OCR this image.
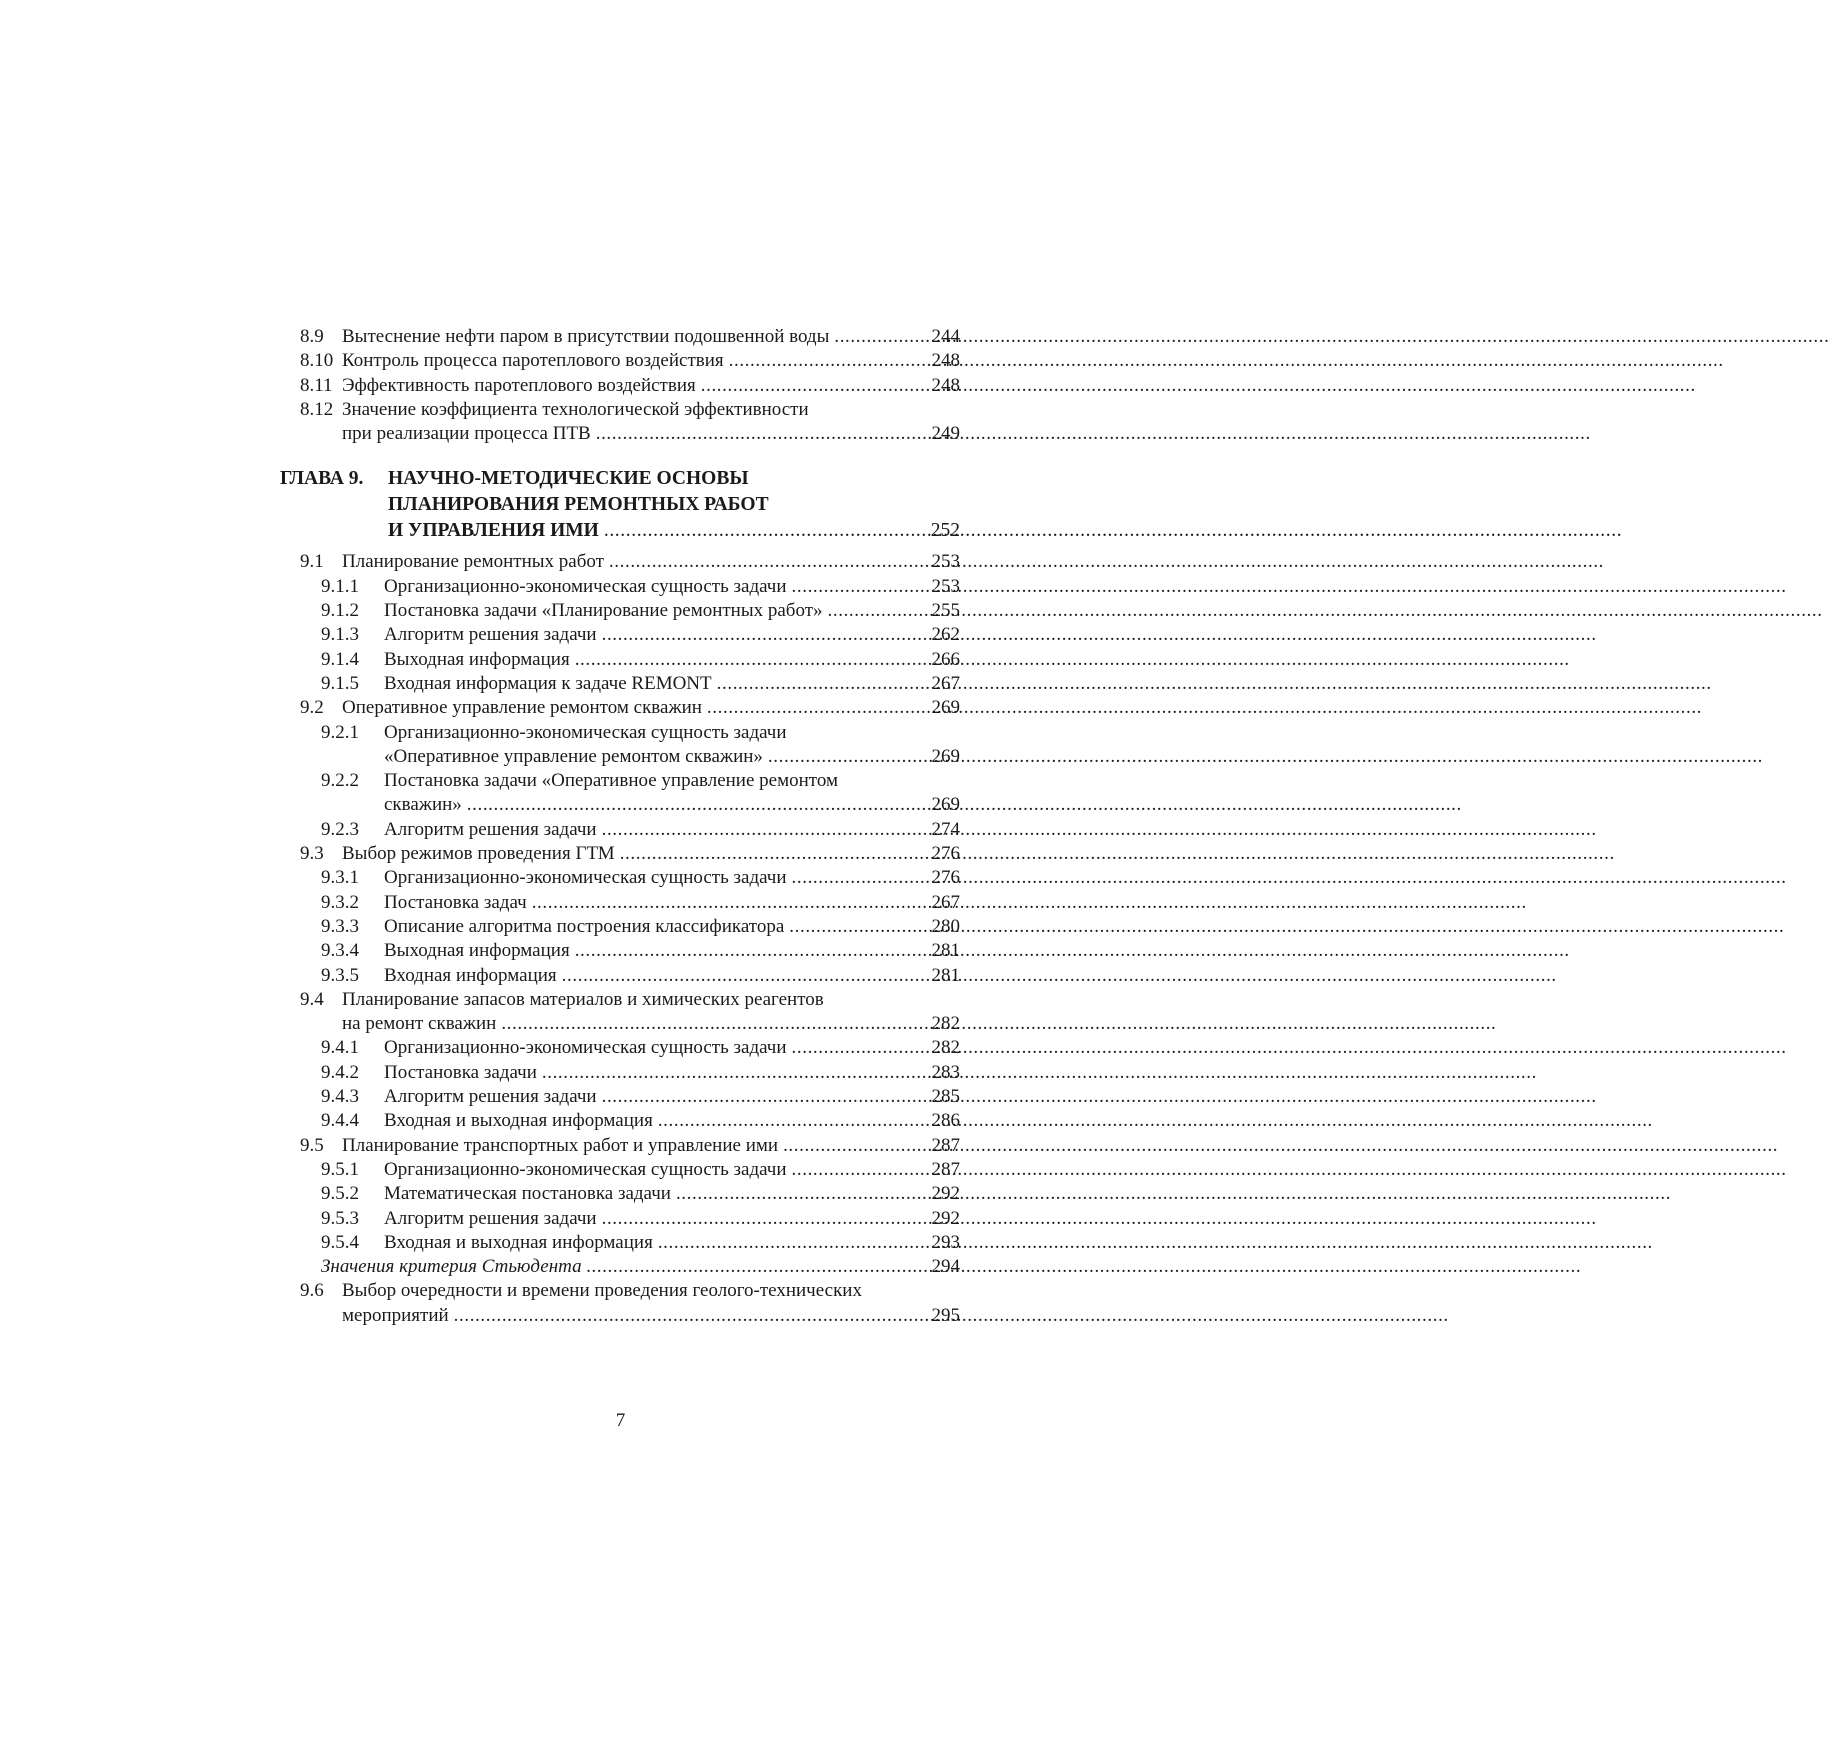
8.9 Вытеснение нефти паром в присутствии подошвенной воды .....	244
8.10 Контроль процесса паротеплового воздействия .....	248
8.11 Эффективность паротеплового воздействия .....	248
8.12 Значение коэффициента технологической эффективности
при реализации процесса ПТВ .....	249
ГЛАВА 9. НАУЧНО-МЕТОДИЧЕСКИЕ ОСНОВЫ
ПЛАНИРОВАНИЯ РЕМОНТНЫХ РАБОТ
И УПРАВЛЕНИЯ ИМИ .....	252
9.1 Планирование ремонтных работ .....	253
9.1.1 Организационно-экономическая сущность задачи .....	253
9.1.2 Постановка задачи «Планирование ремонтных работ» .....	255
9.1.3 Алгоритм решения задачи .....	262
9.1.4 Выходная информация .....	266
9.1.5 Входная информация к задаче REMONT .....	267
9.2 Оперативное управление ремонтом скважин .....	269
9.2.1 Организационно-экономическая сущность задачи
«Оперативное управление ремонтом скважин» .....	269
9.2.2 Постановка задачи «Оперативное управление ремонтом
скважин» .....	269
9.2.3 Алгоритм решения задачи .....	274
9.3 Выбор режимов проведения ГТМ .....	276
9.3.1 Организационно-экономическая сущность задачи .....	276
9.3.2 Постановка задач .....	267
9.3.3 Описание алгоритма построения классификатора .....	280
9.3.4 Выходная информация .....	281
9.3.5 Входная информация .....	281
9.4 Планирование запасов материалов и химических реагентов
на ремонт скважин .....	282
9.4.1 Организационно-экономическая сущность задачи .....	282
9.4.2 Постановка задачи .....	283
9.4.3 Алгоритм решения задачи .....	285
9.4.4 Входная и выходная информация .....	286
9.5 Планирование транспортных работ и управление ими .....	287
9.5.1 Организационно-экономическая сущность задачи .....	287
9.5.2 Математическая постановка задачи .....	292
9.5.3 Алгоритм решения задачи .....	292
9.5.4 Входная и выходная информация .....	293
Значения критерия Стьюдента .....	294
9.6 Выбор очередности и времени проведения геолого-технических
мероприятий .....	295
7
